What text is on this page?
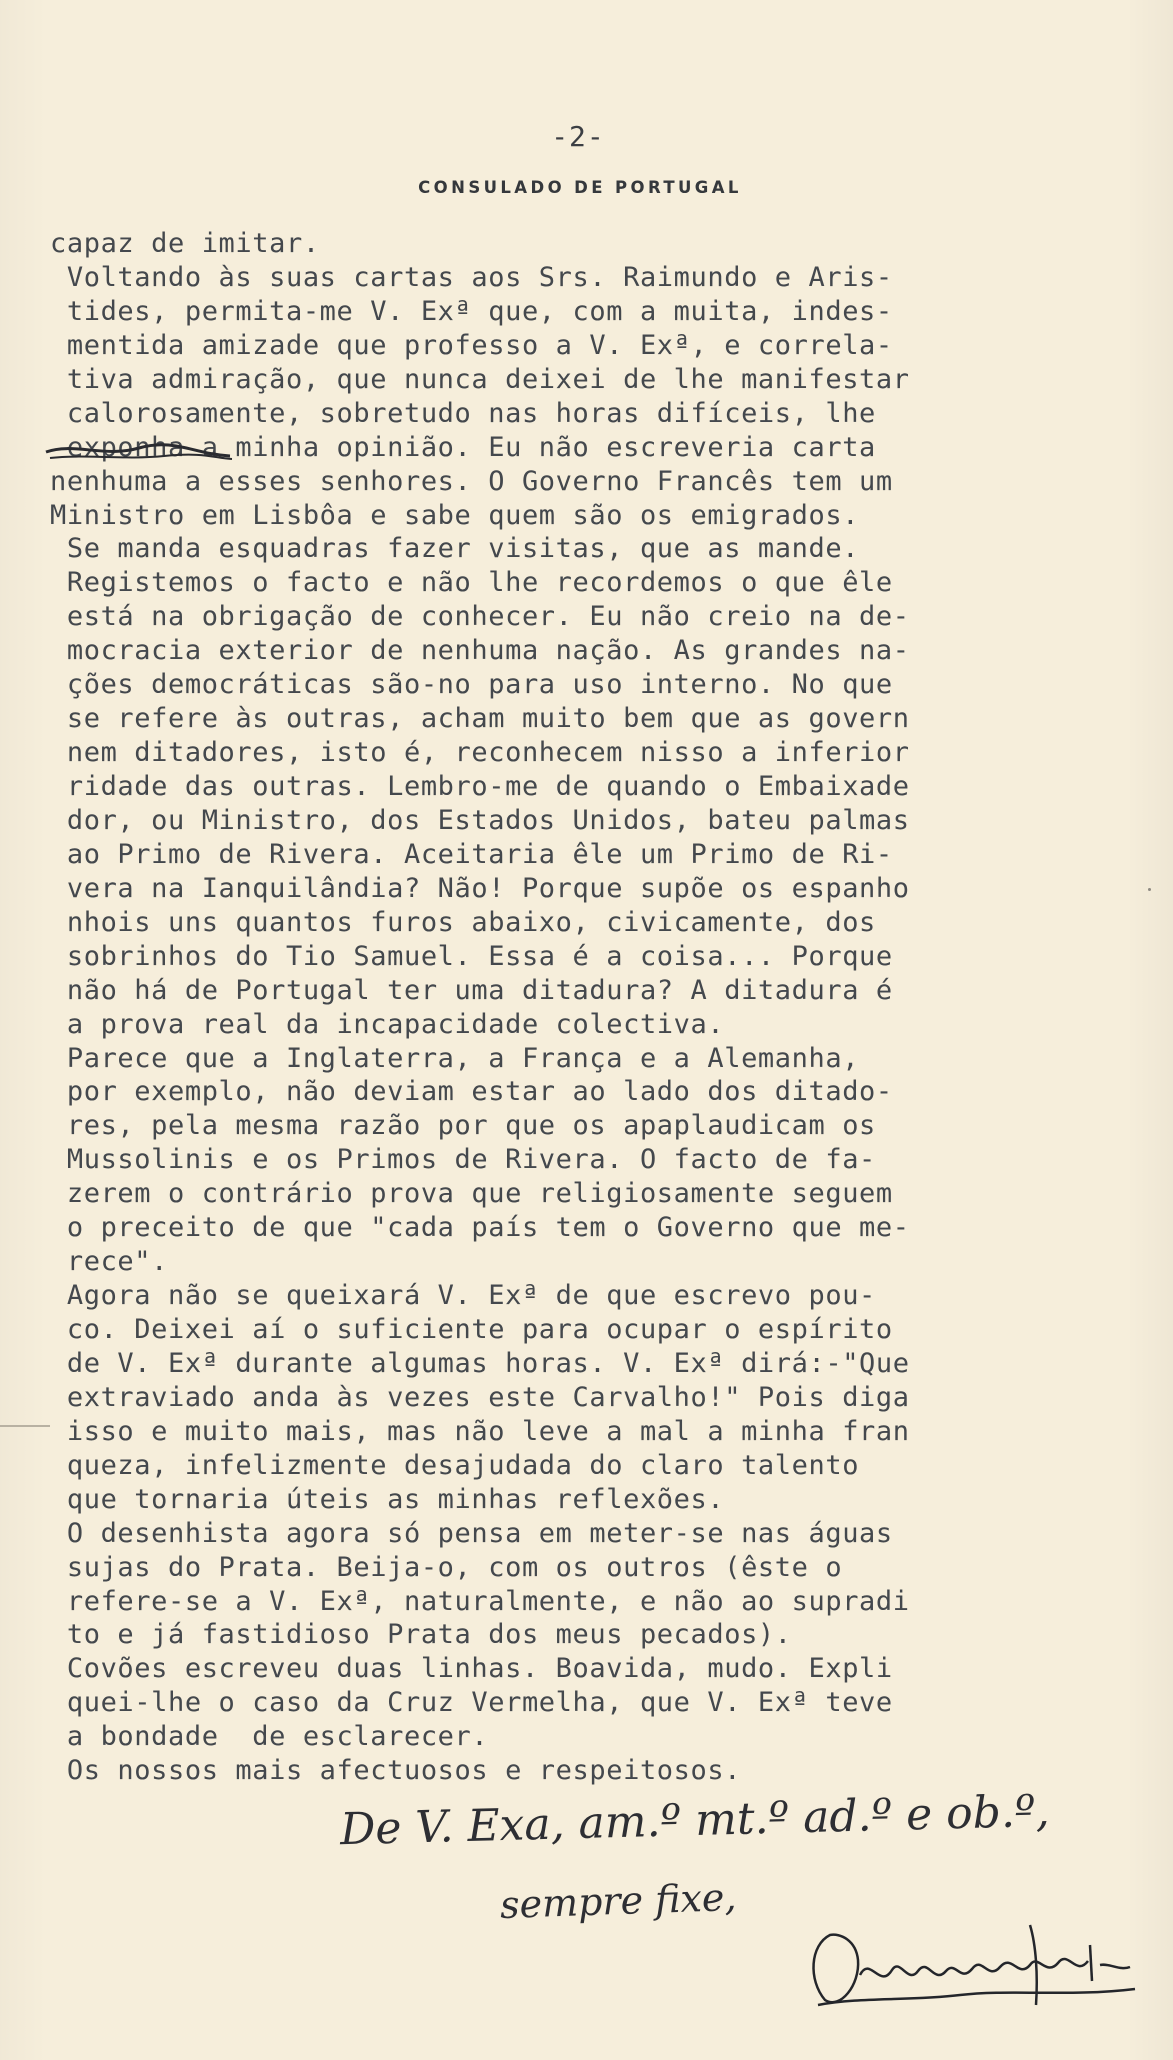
-2-
CONSULADO DE PORTUGAL
capaz de imitar.
Voltando às suas cartas aos Srs. Raimundo e Aris-
tides, permita-me V. Exª que, com a muita, indes-
mentida amizade que professo a V. Exª, e correla-
tiva admiração, que nunca deixei de lhe manifestar
calorosamente, sobretudo nas horas difíceis, lhe
exponha a minha opinião. Eu não escreveria carta
nenhuma a esses senhores. O Governo Francês tem um
Ministro em Lisbôa e sabe quem são os emigrados.
Se manda esquadras fazer visitas, que as mande.
Registemos o facto e não lhe recordemos o que êle
está na obrigação de conhecer. Eu não creio na de-
mocracia exterior de nenhuma nação. As grandes na-
ções democráticas são-no para uso interno. No que
se refere às outras, acham muito bem que as govern
nem ditadores, isto é, reconhecem nisso a inferior
ridade das outras. Lembro-me de quando o Embaixade
dor, ou Ministro, dos Estados Unidos, bateu palmas
ao Primo de Rivera. Aceitaria êle um Primo de Ri-
vera na Ianquilândia? Não! Porque supõe os espanho
nhois uns quantos furos abaixo, civicamente, dos
sobrinhos do Tio Samuel. Essa é a coisa... Porque
não há de Portugal ter uma ditadura? A ditadura é
a prova real da incapacidade colectiva.
Parece que a Inglaterra, a França e a Alemanha,
por exemplo, não deviam estar ao lado dos ditado-
res, pela mesma razão por que os apaplaudicam os
Mussolinis e os Primos de Rivera. O facto de fa-
zerem o contrário prova que religiosamente seguem
o preceito de que "cada país tem o Governo que me-
rece".
Agora não se queixará V. Exª de que escrevo pou-
co. Deixei aí o suficiente para ocupar o espírito
de V. Exª durante algumas horas. V. Exª dirá:-"Que
extraviado anda às vezes este Carvalho!" Pois diga
isso e muito mais, mas não leve a mal a minha fran
queza, infelizmente desajudada do claro talento
que tornaria úteis as minhas reflexões.
O desenhista agora só pensa em meter-se nas águas
sujas do Prata. Beija-o, com os outros (êste o
refere-se a V. Exª, naturalmente, e não ao supradi
to e já fastidioso Prata dos meus pecados).
Covões escreveu duas linhas. Boavida, mudo. Expli
quei-lhe o caso da Cruz Vermelha, que V. Exª teve
a bondade  de esclarecer.
Os nossos mais afectuosos e respeitosos.
De V. Exa, am.º mt.º ad.º e ob.º,
sempre fixe,
